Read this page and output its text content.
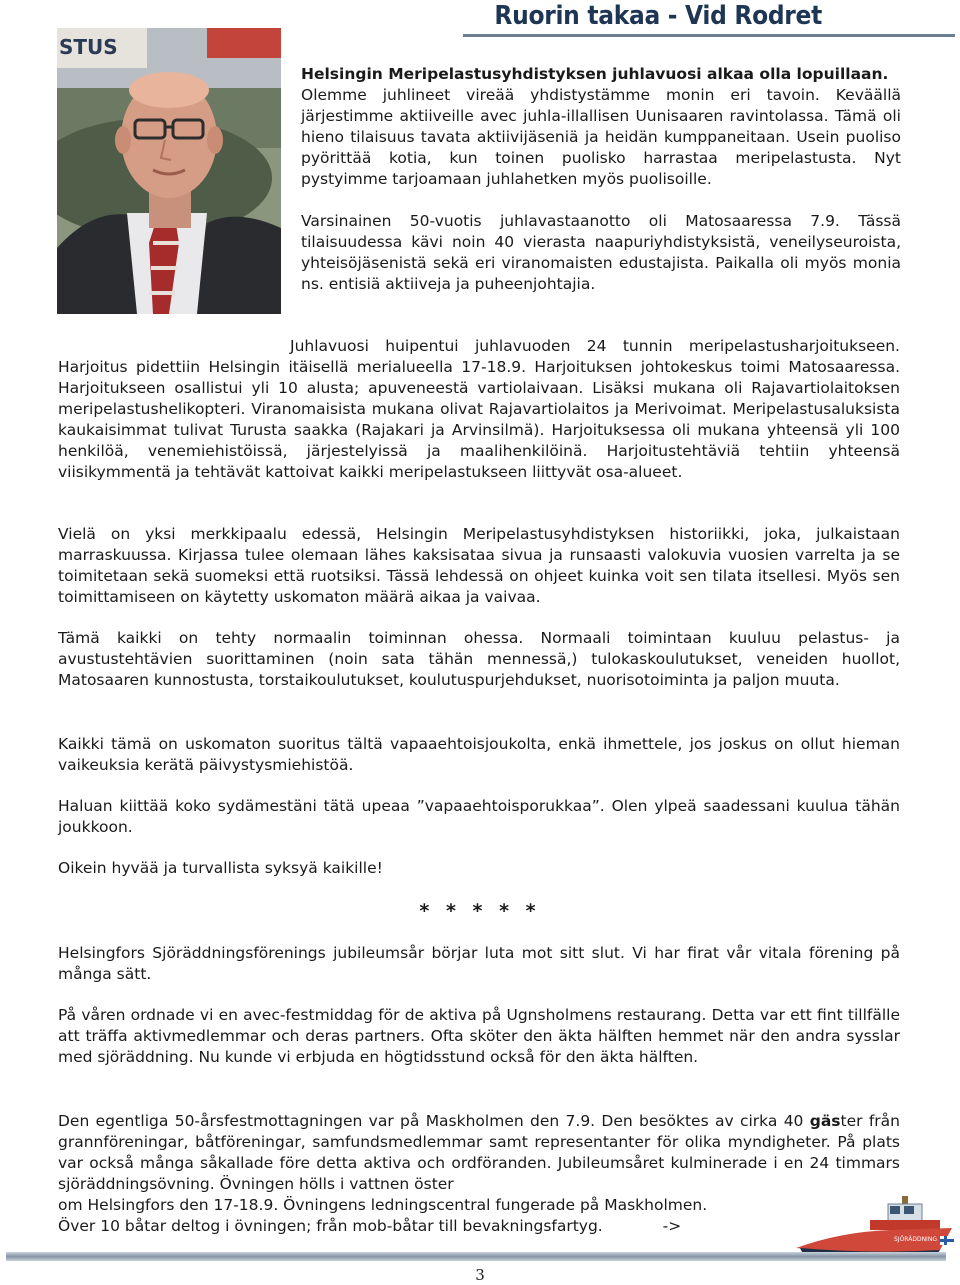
Ruorin takaa - Vid Rodret
STUS

Helsingin Meripelastusyhdistyksen juhlavuosi alkaa olla lopuillaan.

Olemme juhlineet vireää yhdistystämme monin eri tavoin. Keväällä järjestimme aktiiveille avec juhla-illallisen Uunisaaren ravintolassa. Tämä oli hieno tilaisuus tavata aktiivijäseniä ja heidän kumppaneitaan. Usein puoliso pyörittää kotia, kun toinen puolisko harrastaa meripelastusta. Nyt pystyimme tarjoamaan juhlahetken myös puolisoille.

Varsinainen 50-vuotis juhlavastaanotto oli Matosaaressa 7.9. Tässä tilaisuudessa kävi noin 40 vierasta naapuriyhdistyksistä, veneilyseuroista, yhteisöjäsenistä sekä eri viranomaisten edustajista. Paikalla oli myös monia ns. entisiä aktiiveja ja puheenjohtajia.

Juhlavuosi huipentui juhlavuoden 24 tunnin meripelastusharjoitukseen. Harjoitus pidettiin Helsingin itäisellä merialueella 17-18.9. Harjoituksen johtokeskus toimi Matosaaressa. Harjoitukseen osallistui yli 10 alusta; apuveneestä vartiolaivaan. Lisäksi mukana oli Rajavartiolaitoksen meripelastushelikopteri. Viranomaisista mukana olivat Rajavartiolaitos ja Merivoimat. Meripelastusaluksista kaukaisimmat tulivat Turusta saakka (Rajakari ja Arvinsilmä). Harjoituksessa oli mukana yhteensä yli 100 henkilöä, venemiehistöissä, järjestelyissä ja maalihenkilöinä. Harjoitustehtäviä tehtiin yhteensä viisikymmentä ja tehtävät kattoivat kaikki meripelastukseen liittyvät osa-alueet.
Vielä on yksi merkkipaalu edessä, Helsingin Meripelastusyhdistyksen historiikki, joka, julkaistaan marraskuussa. Kirjassa tulee olemaan lähes kaksisataa sivua ja runsaasti valokuvia vuosien varrelta ja se toimitetaan sekä suomeksi että ruotsiksi. Tässä lehdessä on ohjeet kuinka voit sen tilata itsellesi. Myös sen toimittamiseen on käytetty uskomaton määrä aikaa ja vaivaa.
Tämä kaikki on tehty normaalin toiminnan ohessa. Normaali toimintaan kuuluu pelastus- ja avustustehtävien suorittaminen (noin sata tähän mennessä,) tulokaskoulutukset, veneiden huollot, Matosaaren kunnostusta, torstaikoulutukset, koulutuspurjehdukset, nuorisotoiminta ja paljon muuta.
Kaikki tämä on uskomaton suoritus tältä vapaaehtoisjoukolta, enkä ihmettele, jos joskus on ollut hieman vaikeuksia kerätä päivystysmiehistöä.
Haluan kiittää koko sydämestäni tätä upeaa ”vapaaehtoisporukkaa”. Olen ylpeä saadessani kuulua tähän joukkoon.
Oikein hyvää ja turvallista syksyä kaikille!
* * * * *
Helsingfors Sjöräddningsförenings jubileumsår börjar luta mot sitt slut. Vi har firat vår vitala förening på många sätt.
På våren ordnade vi en avec-festmiddag för de aktiva på Ugnsholmens restaurang. Detta var ett fint tillfälle att träffa aktivmedlemmar och deras partners. Ofta sköter den äkta hälften hemmet när den andra sysslar med sjöräddning. Nu kunde vi erbjuda en högtidsstund också för den äkta hälften.

Den egentliga 50-årsfestmottagningen var på Maskholmen den 7.9. Den besöktes av cirka 40 gäster från grannföreningar, båtföreningar, samfundsmedlemmar samt representanter för olika myndigheter. På plats var också många såkallade före detta aktiva och ordföranden. Jubileumsåret kulminerade i en 24 timmars sjöräddningsövning. Övningen hölls i vattnen öster

om Helsingfors den 17-18.9. Övningens ledningscentral fungerade på Maskholmen.

Över 10 båtar deltog i övningen; från mob-båtar till bevakningsfartyg.	->

SJÖRÄDDNING
3
